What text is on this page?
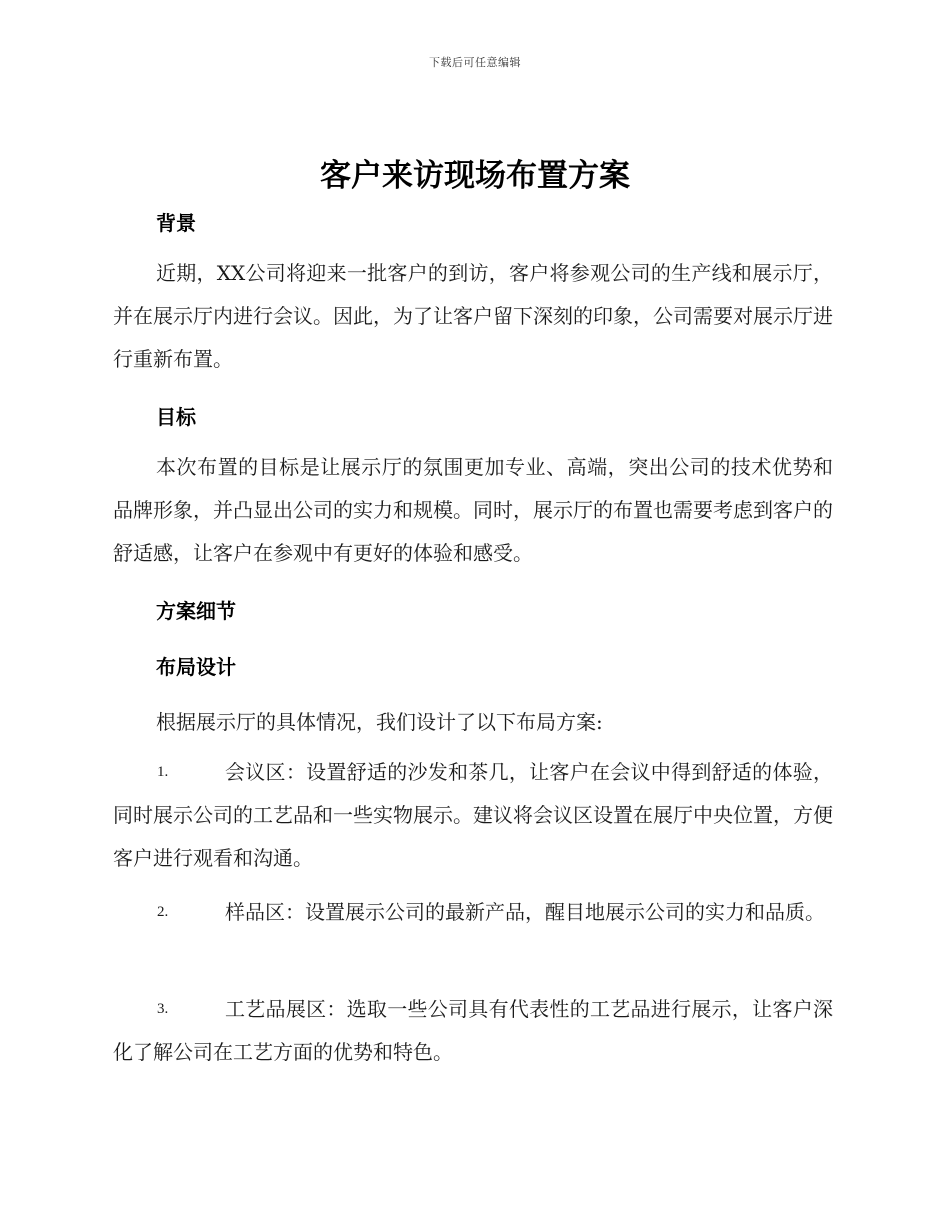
下载后可任意编辑
客户来访现场布置方案
背景
近期，XX公司将迎来一批客户的到访，客户将参观公司的生产线和展示厅，并在展示厅内进行会议。因此，为了让客户留下深刻的印象，公司需要对展示厅进行重新布置。
目标
本次布置的目标是让展示厅的氛围更加专业、高端，突出公司的技术优势和品牌形象，并凸显出公司的实力和规模。同时，展示厅的布置也需要考虑到客户的舒适感，让客户在参观中有更好的体验和感受。
方案细节
布局设计
根据展示厅的具体情况，我们设计了以下布局方案:
1.	会议区：设置舒适的沙发和茶几，让客户在会议中得到舒适的体验，同时展示公司的工艺品和一些实物展示。建议将会议区设置在展厅中央位置，方便客户进行观看和沟通。
2.	样品区：设置展示公司的最新产品，醒目地展示公司的实力和品质。
3.	工艺品展区：选取一些公司具有代表性的工艺品进行展示，让客户深化了解公司在工艺方面的优势和特色。
